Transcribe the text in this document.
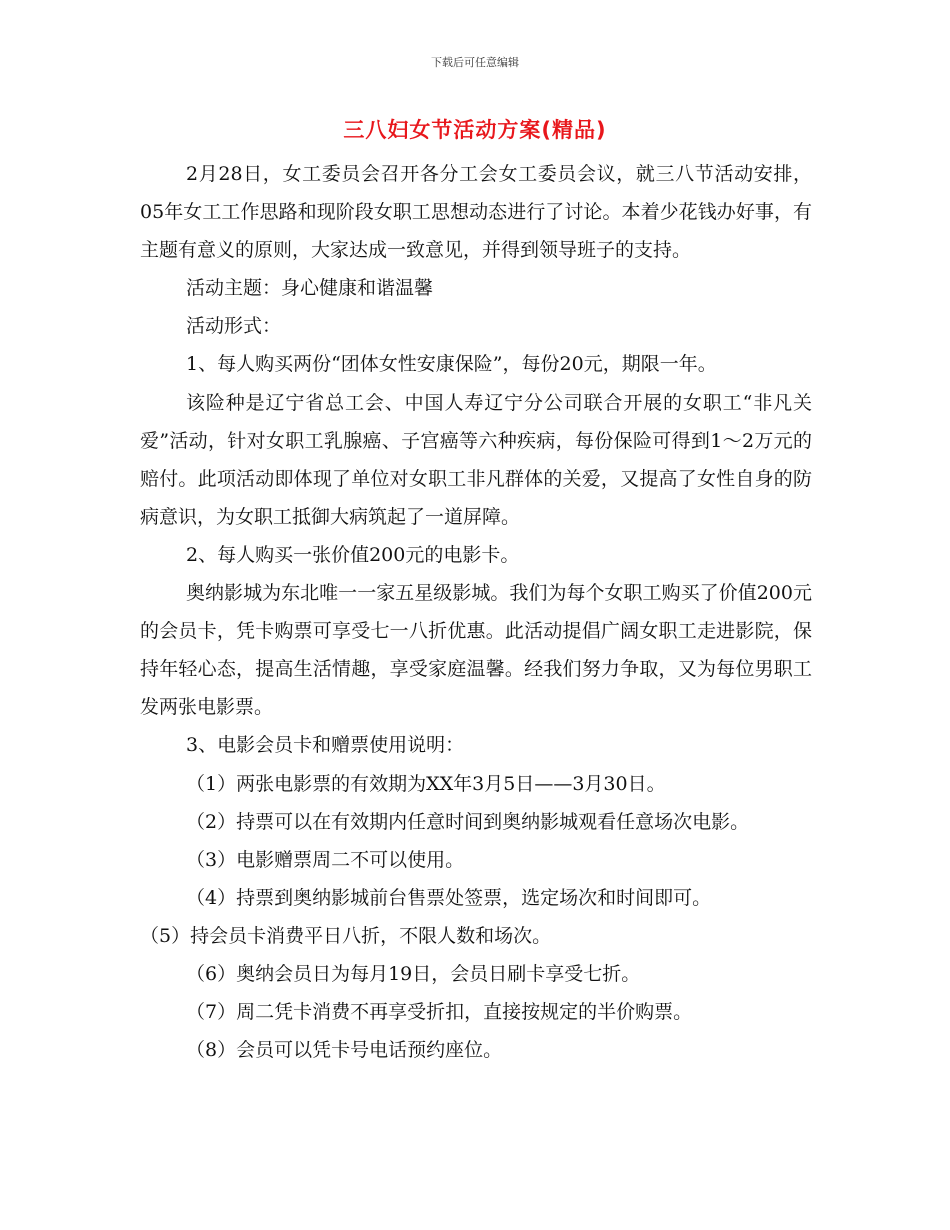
下载后可任意编辑
三八妇女节活动方案(精品)

2月28日，女工委员会召开各分工会女工委员会议，就三八节活动安排，05年女工工作思路和现阶段女职工思想动态进行了讨论。本着少花钱办好事，有主题有意义的原则，大家达成一致意见，并得到领导班子的支持。

活动主题：身心健康和谐温馨

活动形式：

1、每人购买两份“团体女性安康保险”，每份20元，期限一年。

该险种是辽宁省总工会、中国人寿辽宁分公司联合开展的女职工“非凡关爱”活动，针对女职工乳腺癌、子宫癌等六种疾病，每份保险可得到1～2万元的赔付。此项活动即体现了单位对女职工非凡群体的关爱，又提高了女性自身的防病意识，为女职工抵御大病筑起了一道屏障。

2、每人购买一张价值200元的电影卡。

奥纳影城为东北唯一一家五星级影城。我们为每个女职工购买了价值200元的会员卡，凭卡购票可享受七一八折优惠。此活动提倡广阔女职工走进影院，保持年轻心态，提高生活情趣，享受家庭温馨。经我们努力争取，又为每位男职工发两张电影票。

3、电影会员卡和赠票使用说明：

（1）两张电影票的有效期为XX年3月5日——3月30日。

（2）持票可以在有效期内任意时间到奥纳影城观看任意场次电影。

（3）电影赠票周二不可以使用。

（4）持票到奥纳影城前台售票处签票，选定场次和时间即可。

（5）持会员卡消费平日八折，不限人数和场次。

（6）奥纳会员日为每月19日，会员日刷卡享受七折。

（7）周二凭卡消费不再享受折扣，直接按规定的半价购票。

（8）会员可以凭卡号电话预约座位。
